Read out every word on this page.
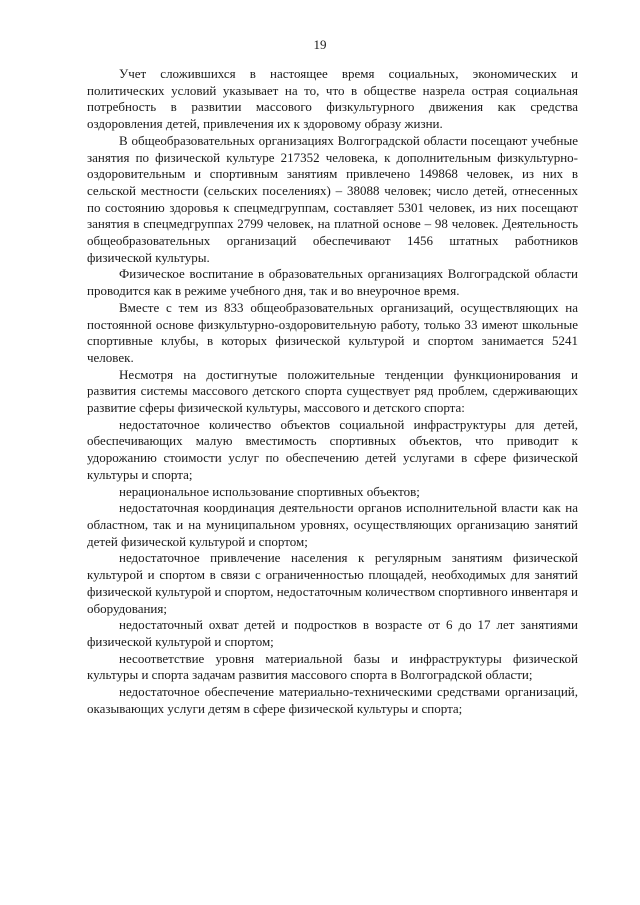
19

Учет сложившихся в настоящее время социальных, экономических и политических условий указывает на то, что в обществе назрела острая социальная потребность в развитии массового физкультурного движения как средства оздоровления детей, привлечения их к здоровому образу жизни.

В общеобразовательных организациях Волгоградской области посещают учебные занятия по физической культуре 217352 человека, к дополнительным физкультурно-оздоровительным и спортивным занятиям привлечено 149868 человек, из них в сельской местности (сельских поселениях) – 38088 человек; число детей, отнесенных по состоянию здоровья к спецмедгруппам, составляет 5301 человек, из них посещают занятия в спецмедгруппах 2799 человек, на платной основе – 98 человек. Деятельность общеобразовательных организаций обеспечивают 1456 штатных работников физической культуры.

Физическое воспитание в образовательных организациях Волгоградской области проводится как в режиме учебного дня, так и во внеурочное время.

Вместе с тем из 833 общеобразовательных организаций, осуществляющих на постоянной основе физкультурно-оздоровительную работу, только 33 имеют школьные спортивные клубы, в которых физической культурой и спортом занимается 5241 человек.

Несмотря на достигнутые положительные тенденции функционирования и развития системы массового детского спорта существует ряд проблем, сдерживающих развитие сферы физической культуры, массового и детского спорта:

недостаточное количество объектов социальной инфраструктуры для детей, обеспечивающих малую вместимость спортивных объектов, что приводит к удорожанию стоимости услуг по обеспечению детей услугами в сфере физической культуры и спорта;

нерациональное использование спортивных объектов;

недостаточная координация деятельности органов исполнительной власти как на областном, так и на муниципальном уровнях, осуществляющих организацию занятий детей физической культурой и спортом;

недостаточное привлечение населения к регулярным занятиям физической культурой и спортом в связи с ограниченностью площадей, необходимых для занятий физической культурой и спортом, недостаточным количеством спортивного инвентаря и оборудования;

недостаточный охват детей и подростков в возрасте от 6 до 17 лет занятиями физической культурой и спортом;

несоответствие уровня материальной базы и инфраструктуры физической культуры и спорта задачам развития массового спорта в Волгоградской области;

недостаточное обеспечение материально-техническими средствами организаций, оказывающих услуги детям в сфере физической культуры и спорта;
